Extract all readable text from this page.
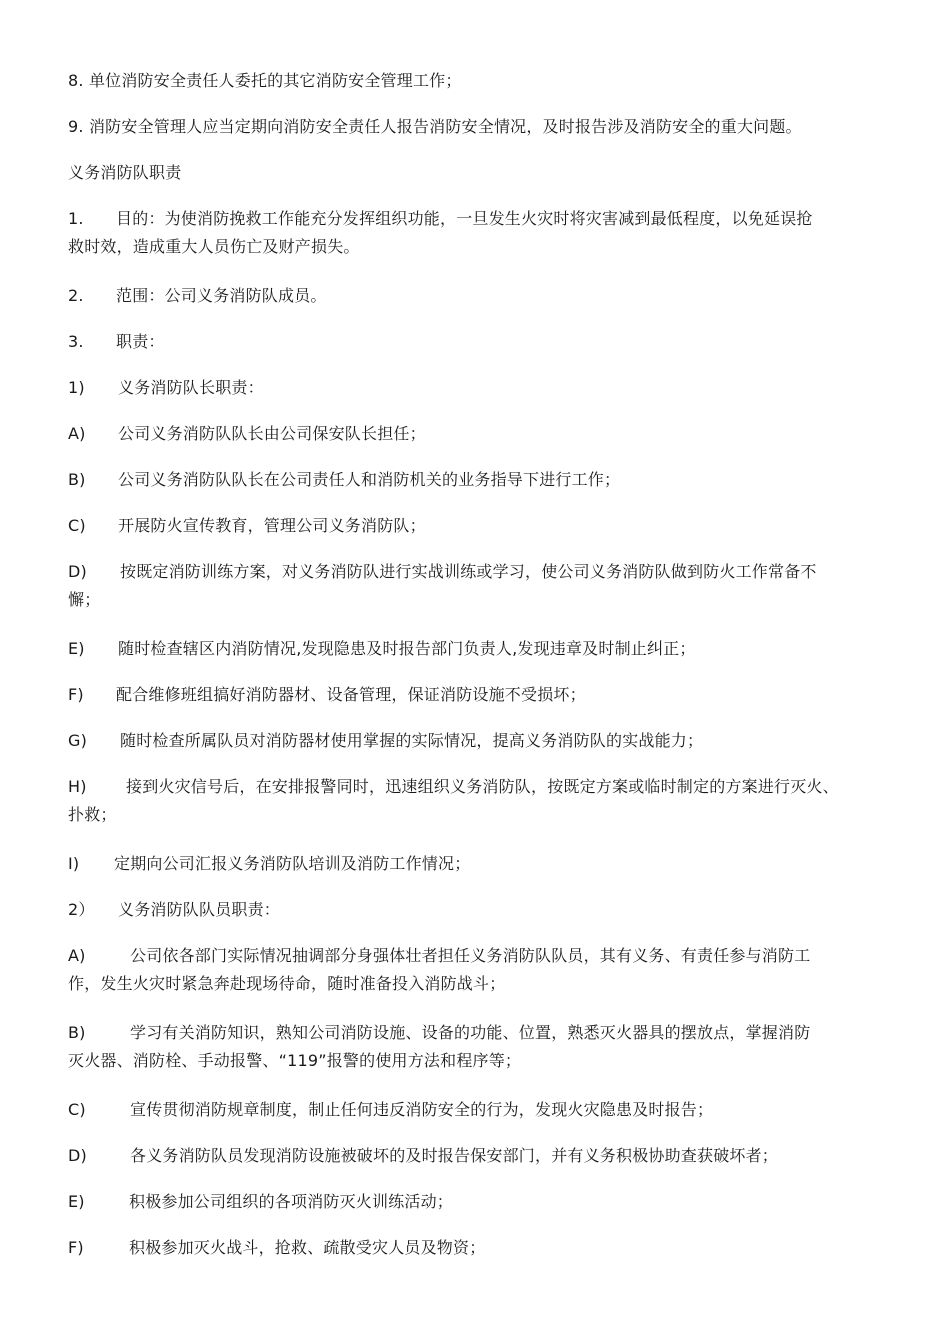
8. 单位消防安全责任人委托的其它消防安全管理工作；
9. 消防安全管理人应当定期向消防安全责任人报告消防安全情况，及时报告涉及消防安全的重大问题。
义务消防队职责
1. 目的：为使消防挽救工作能充分发挥组织功能，一旦发生火灾时将灾害减到最低程度，以免延误抢
救时效，造成重大人员伤亡及财产损失。
2. 范围：公司义务消防队成员。
3. 职责：
1) 义务消防队长职责：
A) 公司义务消防队队长由公司保安队长担任；
B) 公司义务消防队队长在公司责任人和消防机关的业务指导下进行工作；
C) 开展防火宣传教育，管理公司义务消防队；
D) 按既定消防训练方案，对义务消防队进行实战训练或学习，使公司义务消防队做到防火工作常备不
懈；
E) 随时检查辖区内消防情况,发现隐患及时报告部门负责人,发现违章及时制止纠正；
F) 配合维修班组搞好消防器材、设备管理，保证消防设施不受损坏；
G) 随时检查所属队员对消防器材使用掌握的实际情况，提高义务消防队的实战能力；
H) 接到火灾信号后，在安排报警同时，迅速组织义务消防队，按既定方案或临时制定的方案进行灭火、
扑救；
I) 定期向公司汇报义务消防队培训及消防工作情况；
2） 义务消防队队员职责：
A)	公司依各部门实际情况抽调部分身强体壮者担任义务消防队队员，其有义务、有责任参与消防工
作，发生火灾时紧急奔赴现场待命，随时准备投入消防战斗；
B)	学习有关消防知识，熟知公司消防设施、设备的功能、位置，熟悉灭火器具的摆放点，掌握消防
灭火器、消防栓、手动报警、“119”报警的使用方法和程序等；
C)	宣传贯彻消防规章制度，制止任何违反消防安全的行为，发现火灾隐患及时报告；
D)	各义务消防队员发现消防设施被破坏的及时报告保安部门，并有义务积极协助查获破坏者；
E)	积极参加公司组织的各项消防灭火训练活动；
F)	积极参加灭火战斗，抢救、疏散受灾人员及物资；
